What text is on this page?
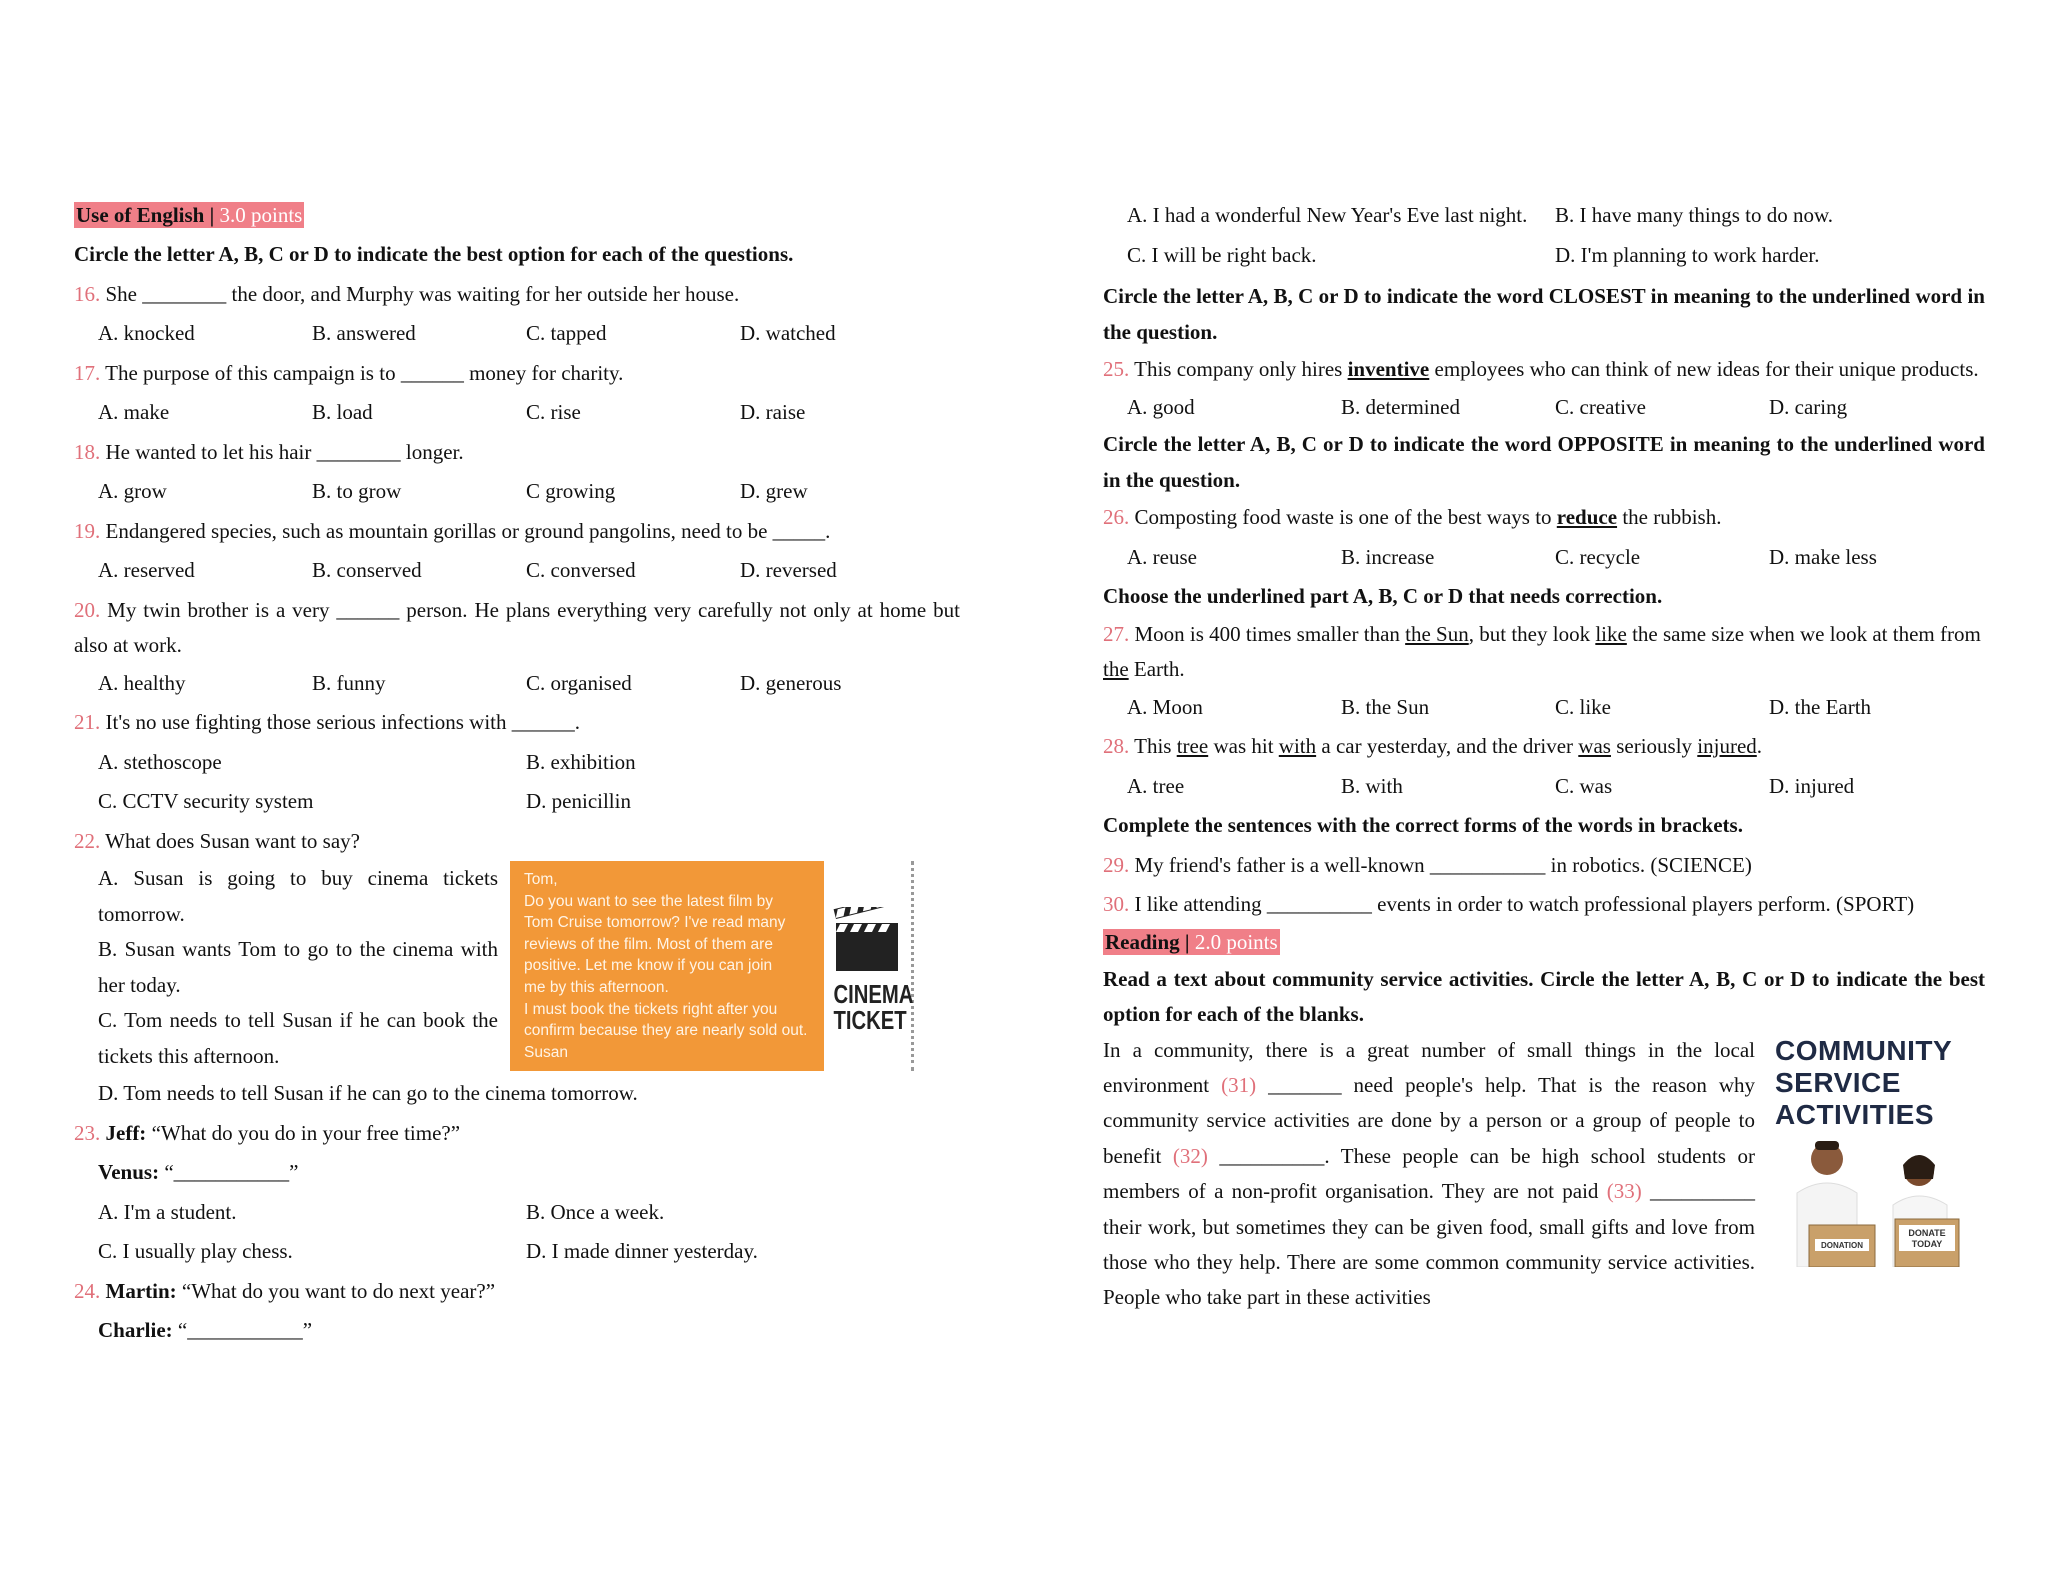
Use of English | 3.0 points
Circle the letter A, B, C or D to indicate the best option for each of the questions.
16. She ________ the door, and Murphy was waiting for her outside her house.
A. knocked	B. answered	C. tapped	D. watched
17. The purpose of this campaign is to ______ money for charity.
A. make	B. load	C. rise	D. raise
18. He wanted to let his hair ________ longer.
A. grow	B. to grow	C growing	D. grew
19. Endangered species, such as mountain gorillas or ground pangolins, need to be _____.
A. reserved	B. conserved	C. conversed	D. reversed
20. My twin brother is a very ______ person. He plans everything very carefully not only at home but also at work.
A. healthy	B. funny	C. organised	D. generous
21. It's no use fighting those serious infections with ______.
A. stethoscope	B. exhibition
C. CCTV security system	D. penicillin
22. What does Susan want to say?
A. Susan is going to buy cinema tickets tomorrow.
B. Susan wants Tom to go to the cinema with her today.
C. Tom needs to tell Susan if he can book the tickets this afternoon.
Tom,
Do you want to see the latest film by
Tom Cruise tomorrow? I've read many
reviews of the film. Most of them are
positive. Let me know if you can join
me by this afternoon.
I must book the tickets right after you
confirm because they are nearly sold out.
Susan
CINEMA
TICKET
D. Tom needs to tell Susan if he can go to the cinema tomorrow.
23. Jeff: “What do you do in your free time?”
Venus: “___________”
A. I'm a student.	B. Once a week.
C. I usually play chess.	D. I made dinner yesterday.
24. Martin: “What do you want to do next year?”
Charlie: “___________”
A. I had a wonderful New Year's Eve last night.	B. I have many things to do now.
C. I will be right back.	D. I'm planning to work harder.
Circle the letter A, B, C or D to indicate the word CLOSEST in meaning to the underlined word in the question.
25. This company only hires inventive employees who can think of new ideas for their unique products.
A. good	B. determined	C. creative	D. caring
Circle the letter A, B, C or D to indicate the word OPPOSITE in meaning to the underlined word in the question.
26. Composting food waste is one of the best ways to reduce the rubbish.
A. reuse	B. increase	C. recycle	D. make less
Choose the underlined part A, B, C or D that needs correction.
27. Moon is 400 times smaller than the Sun, but they look like the same size when we look at them from the Earth.
A. Moon	B. the Sun	C. like	D. the Earth
28. This tree was hit with a car yesterday, and the driver was seriously injured.
A. tree	B. with	C. was	D. injured
Complete the sentences with the correct forms of the words in brackets.
29. My friend's father is a well-known ___________ in robotics. (SCIENCE)
30. I like attending __________ events in order to watch professional players perform. (SPORT)
Reading | 2.0 points
Read a text about community service activities. Circle the letter A, B, C or D to indicate the best option for each of the blanks.
In a community, there is a great number of small things in the local environment (31) _______ need people's help. That is the reason why community service activities are done by a person or a group of people to benefit (32) __________. These people can be high school students or members of a non-profit organisation. They are not paid (33) __________ their work, but sometimes they can be given food, small gifts and love from those who they help. There are some common community service activities. People who take part in these activities
COMMUNITY
SERVICE
ACTIVITIES
DONATION
DONATE
TODAY
